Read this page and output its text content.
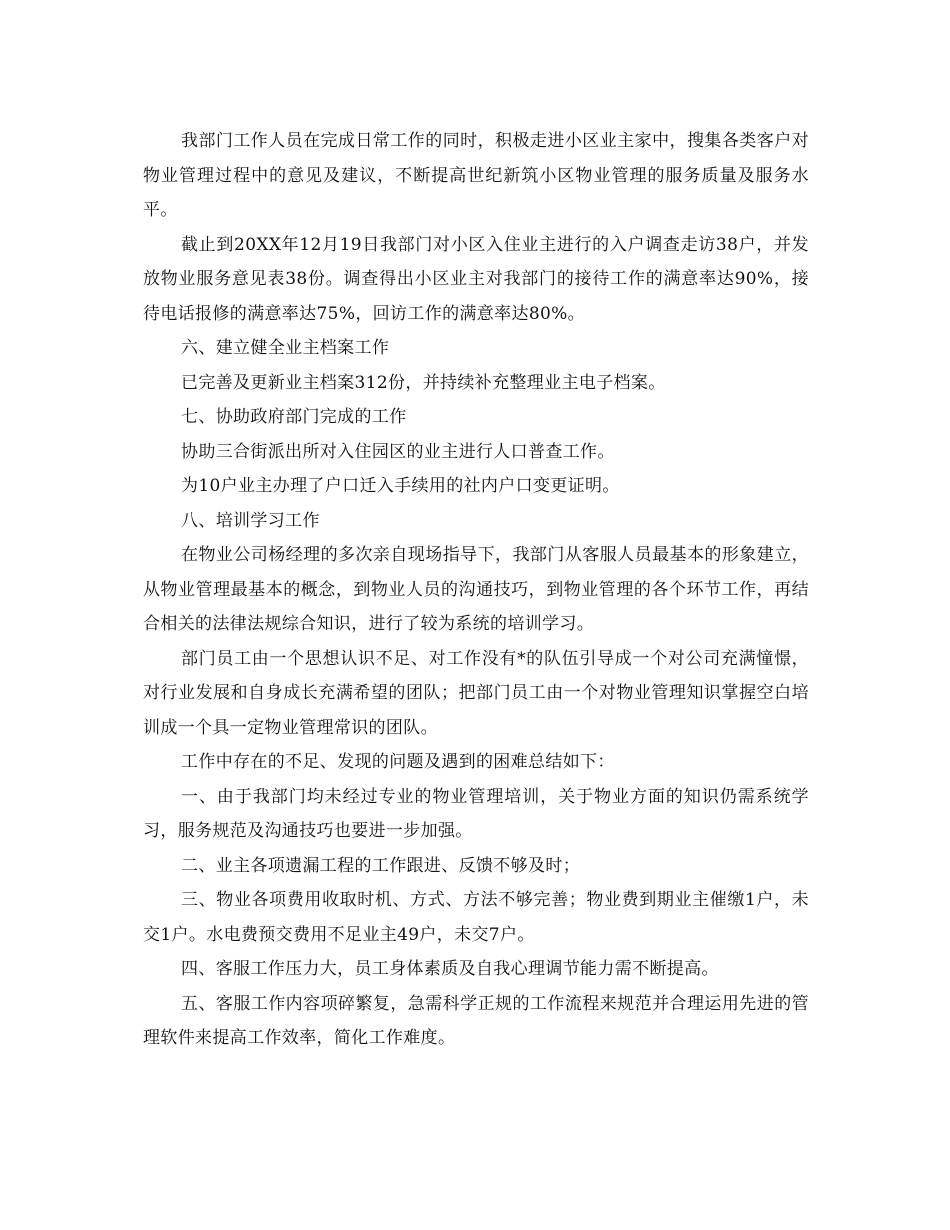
我部门工作人员在完成日常工作的同时，积极走进小区业主家中，搜集各类客户对物业管理过程中的意见及建议，不断提高世纪新筑小区物业管理的服务质量及服务水平。

截止到20XX年12月19日我部门对小区入住业主进行的入户调查走访38户，并发放物业服务意见表38份。调查得出小区业主对我部门的接待工作的满意率达90%，接待电话报修的满意率达75%，回访工作的满意率达80%。

六、建立健全业主档案工作

已完善及更新业主档案312份，并持续补充整理业主电子档案。

七、协助政府部门完成的工作

协助三合街派出所对入住园区的业主进行人口普查工作。

为10户业主办理了户口迁入手续用的社内户口变更证明。

八、培训学习工作

在物业公司杨经理的多次亲自现场指导下，我部门从客服人员最基本的形象建立，从物业管理最基本的概念，到物业人员的沟通技巧，到物业管理的各个环节工作，再结合相关的法律法规综合知识，进行了较为系统的培训学习。

部门员工由一个思想认识不足、对工作没有*的队伍引导成一个对公司充满憧憬，对行业发展和自身成长充满希望的团队；把部门员工由一个对物业管理知识掌握空白培训成一个具一定物业管理常识的团队。

工作中存在的不足、发现的问题及遇到的困难总结如下：

一、由于我部门均未经过专业的物业管理培训，关于物业方面的知识仍需系统学习，服务规范及沟通技巧也要进一步加强。

二、业主各项遗漏工程的工作跟进、反馈不够及时；

三、物业各项费用收取时机、方式、方法不够完善；物业费到期业主催缴1户，未交1户。水电费预交费用不足业主49户，未交7户。

四、客服工作压力大，员工身体素质及自我心理调节能力需不断提高。

五、客服工作内容项碎繁复，急需科学正规的工作流程来规范并合理运用先进的管理软件来提高工作效率，简化工作难度。
